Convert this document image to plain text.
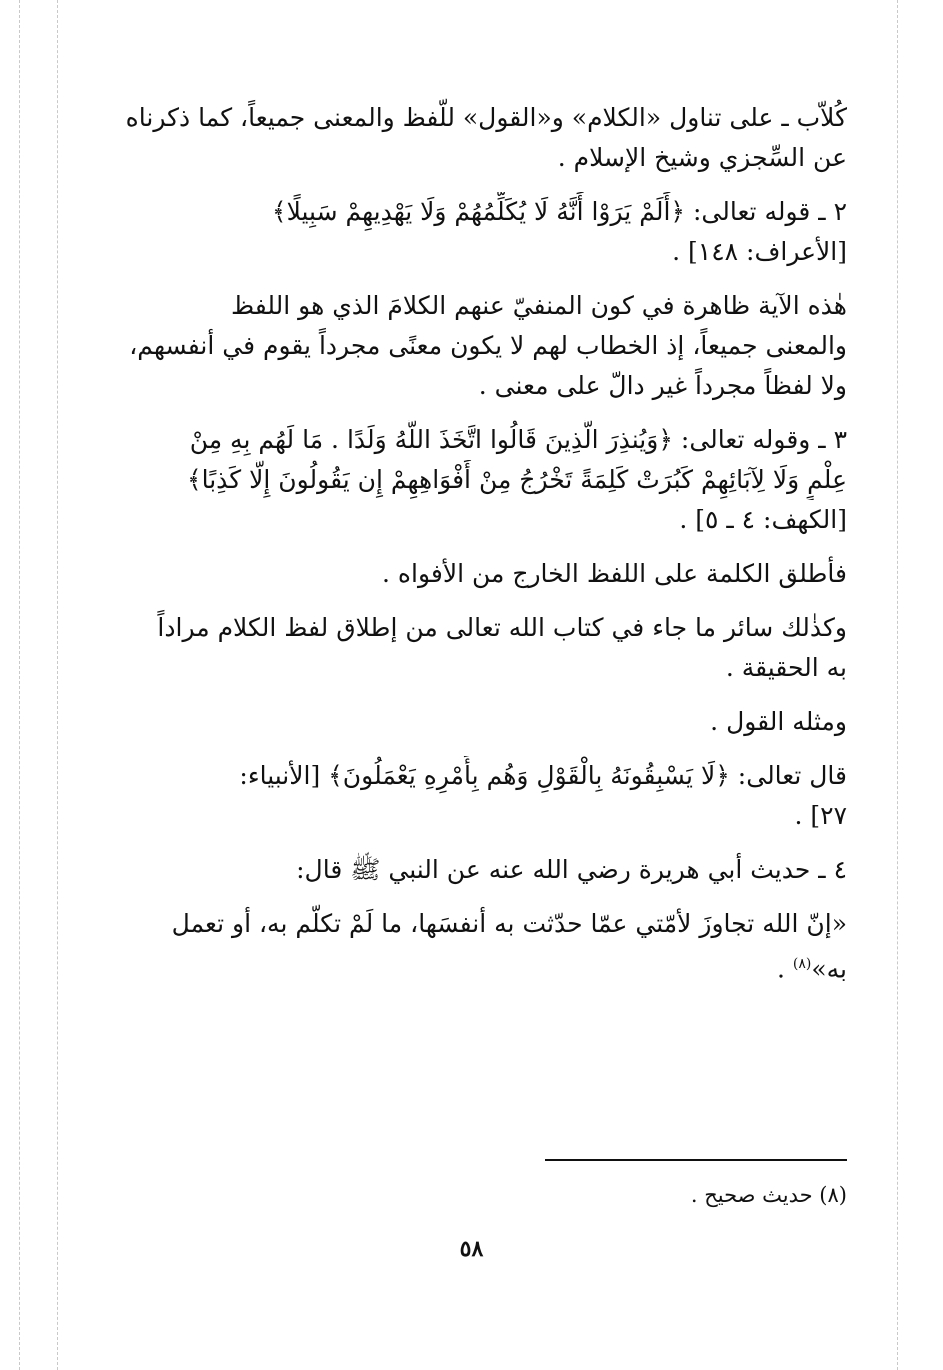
كُلاّب ـ على تناول «الكلام» و«القول» للّفظ والمعنى جميعاً، كما ذكرناه

عن السِّجزي وشيخ الإسلام .

٢ ـ قوله تعالى: ﴿أَلَمْ يَرَوْا أَنَّهُ لَا يُكَلِّمُهُمْ وَلَا يَهْدِيهِمْ سَبِيلًا﴾

[الأعراف: ١٤٨] .

هٰذه الآية ظاهرة في كون المنفيّ عنهم الكلامَ الذي هو اللفظ

والمعنى جميعاً، إذ الخطاب لهم لا يكون معنًى مجرداً يقوم في أنفسهم،

ولا لفظاً مجرداً غير دالّ على معنى .

٣ ـ وقوله تعالى: ﴿وَيُنذِرَ الَّذِينَ قَالُوا اتَّخَذَ اللَّهُ وَلَدًا . مَا لَهُم بِهِ مِنْ

عِلْمٍ وَلَا لِآبَائِهِمْ كَبُرَتْ كَلِمَةً تَخْرُجُ مِنْ أَفْوَاهِهِمْ إِن يَقُولُونَ إِلَّا كَذِبًا﴾

[الكهف: ٤ ـ ٥] .

فأطلق الكلمة على اللفظ الخارج من الأفواه .

وكذٰلك سائر ما جاء في كتاب الله تعالى من إطلاق لفظ الكلام مراداً

به الحقيقة .

ومثله القول .

قال تعالى: ﴿لَا يَسْبِقُونَهُ بِالْقَوْلِ وَهُم بِأَمْرِهِ يَعْمَلُونَ﴾ [الأنبياء:

٢٧] .

٤ ـ حديث أبي هريرة رضي الله عنه عن النبي ﷺ قال:

«إنّ الله تجاوزَ لأمّتي عمّا حدّثت به أنفسَها، ما لَمْ تكلّم به، أو تعمل

به»$^{(٨)}$ .

(٨) حديث صحيح .
٥٨
